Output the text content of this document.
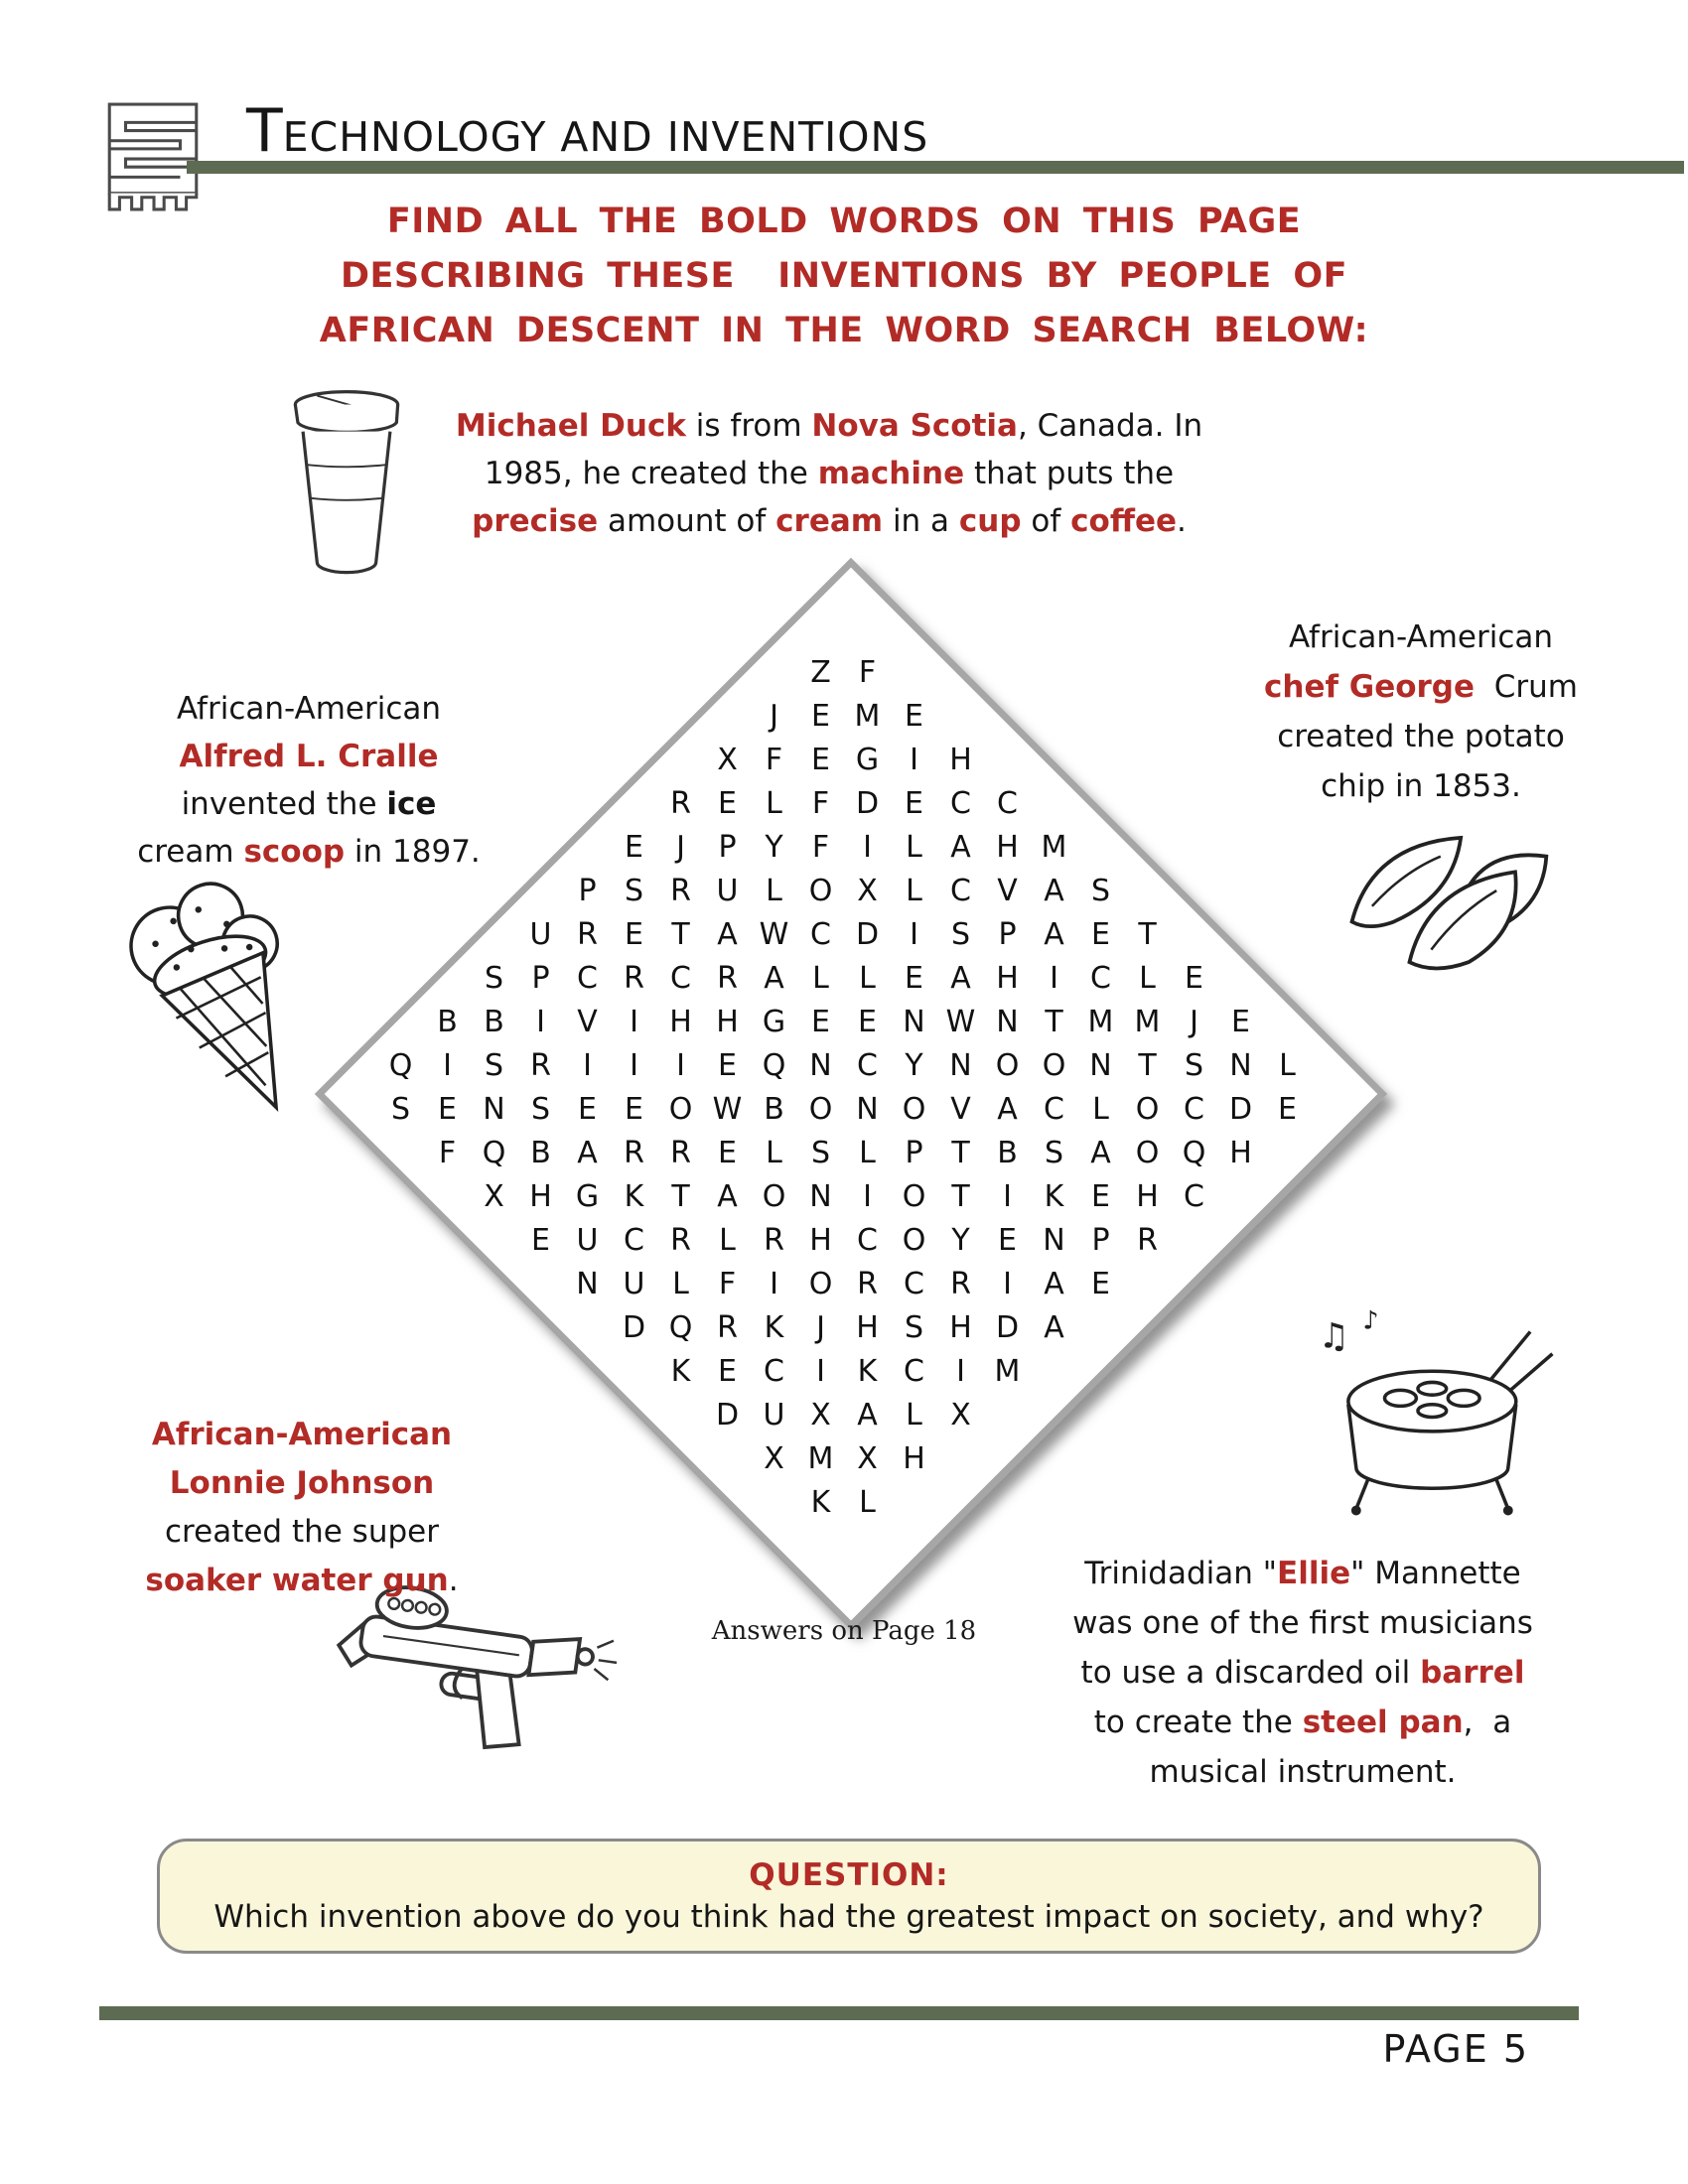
TECHNOLOGY AND INVENTIONS
FIND ALL THE BOLD WORDS ON THIS PAGE
DESCRIBING THESE  INVENTIONS BY PEOPLE OF
AFRICAN DESCENT IN THE WORD SEARCH BELOW:
Michael Duck is from Nova Scotia, Canada. In
1985, he created the machine that puts the
precise amount of cream in a cup of coffee.
African-American
Alfred L. Cralle
invented the ice
cream scoop in 1897.
African-American
chef George  Crum
created the potato
chip in 1853.
African-American
Lonnie Johnson
created the super
soaker water gun.	Trinidadian "Ellie" Mannette
was one of the first musicians
to use a discarded oil barrel
to create the steel pan,  a
musical instrument.
Z F
J	E M E
X F E G	I	H
R E L	F D E C C
E	J	P Y F	I	L A H M
P S R U L O X L C V A S
U R E T A W C D	I	S P A E T
S P C R C R A L	L E A H	I	C L E
B B	I	V	I	H H G E E N W N T M M J	E
Q	I	S R	I	I	I	E Q N C Y N O O N T S N L
S E N S E E O W B O N O V A C L O C D E
F Q B A R R E L S L P T B S A O Q H
X H G K T A O N	I	O T	I	K E H C
E U C R L R H C O Y E N P R
N U L	F	I	O R C R	I	A E
D Q R K	J	H S H D A
K E C	I	K C	I M
D U X A L X
X M X H
K L
♫ ♪
Answers on Page 18
QUESTION:
Which invention above do you think had the greatest impact on society, and why?
PAGE 5
